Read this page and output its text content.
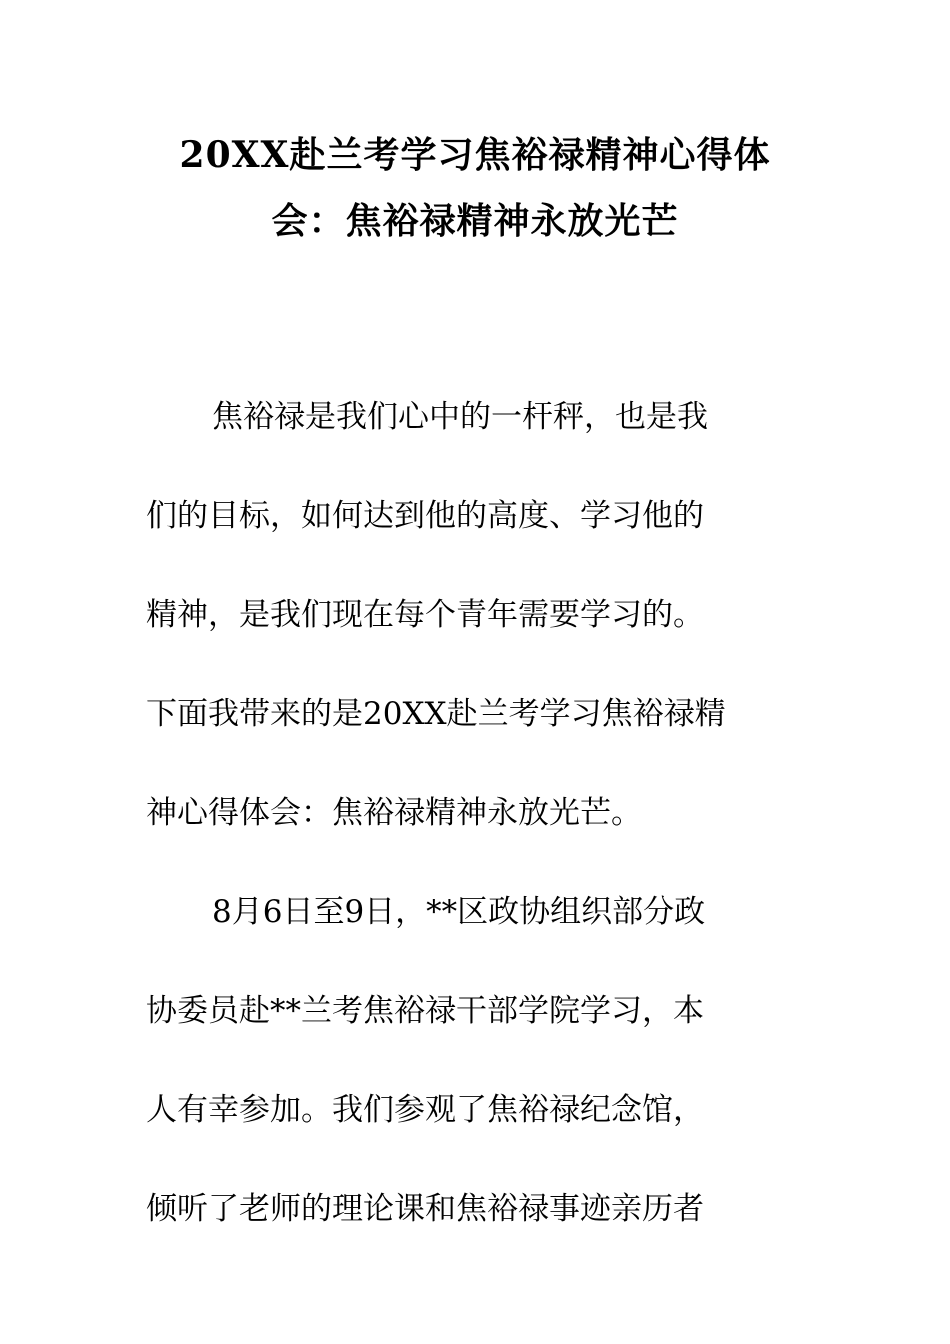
20XX赴兰考学习焦裕禄精神心得体
会：焦裕禄精神永放光芒
焦裕禄是我们心中的一杆秤，也是我
们的目标，如何达到他的高度、学习他的
精神，是我们现在每个青年需要学习的。
下面我带来的是20XX赴兰考学习焦裕禄精
神心得体会：焦裕禄精神永放光芒。
8月6日至9日，**区政协组织部分政
协委员赴**兰考焦裕禄干部学院学习，本
人有幸参加。我们参观了焦裕禄纪念馆，
倾听了老师的理论课和焦裕禄事迹亲历者
